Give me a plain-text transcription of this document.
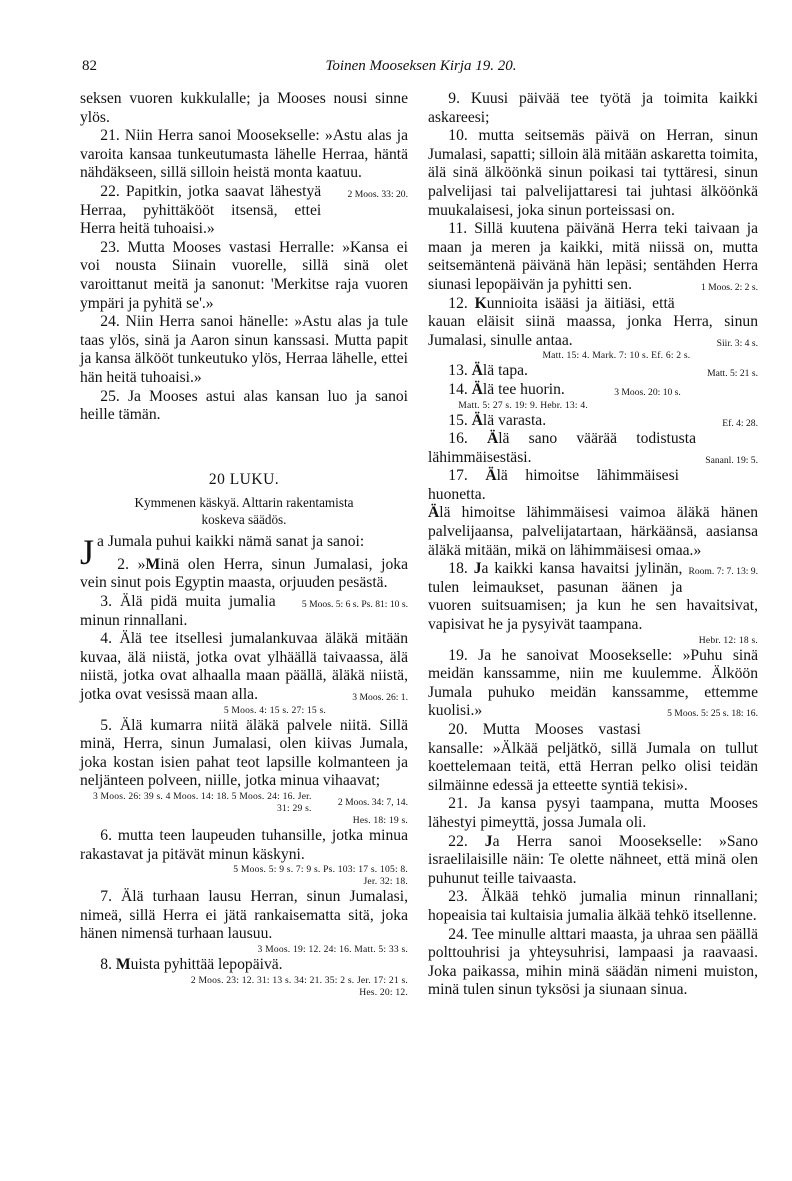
82	Toinen Mooseksen Kirja 19. 20.

seksen vuoren kukkulalle; ja Mooses nousi sinne ylös.

21. Niin Herra sanoi Moosekselle: »Astu alas ja varoita kansaa tunkeutumasta lähelle Herraa, häntä nähdäkseen, sillä silloin heistä monta kaatuu.
2 Moos. 33: 20.

22. Papitkin, jotka saavat lähestyä Herraa, pyhittäkööt itsensä, ettei Herra heitä tuhoaisi.»

23. Mutta Mooses vastasi Herralle: »Kansa ei voi nousta Siinain vuorelle, sillä sinä olet varoittanut meitä ja sanonut: 'Merkitse raja vuoren ympäri ja pyhitä se'.»

24. Niin Herra sanoi hänelle: »Astu alas ja tule taas ylös, sinä ja Aaron sinun kanssasi. Mutta papit ja kansa älkööt tunkeutuko ylös, Herraa lähelle, ettei hän heitä tuhoaisi.»

25. Ja Mooses astui alas kansan luo ja sanoi heille tämän.

20 LUKU.
Kymmenen käskyä. Alttarin rakentamista
koskeva säädös.

Ja Jumala puhui kaikki nämä sanat ja sanoi:

2. »Minä olen Herra, sinun Jumalasi, joka vein sinut pois Egyptin maasta, orjuuden pesästä.
5 Moos. 5: 6 s. Ps. 81: 10 s.

3. Älä pidä muita jumalia minun rinnallani.

4. Älä tee itsellesi jumalankuvaa äläkä mitään kuvaa, älä niistä, jotka ovat ylhäällä taivaassa, älä niistä, jotka ovat alhaalla maan päällä, äläkä niistä, jotka ovat vesissä maan alla.	3 Moos. 26: 1.

5 Moos. 4: 15 s. 27: 15 s.

5. Älä kumarra niitä äläkä palvele niitä. Sillä minä, Herra, sinun Jumalasi, olen kiivas Jumala, joka kostan isien pahat teot lapsille kolmanteen ja neljänteen polveen, niille, jotka minua vihaavat;
2 Moos. 34: 7, 14.

3 Moos. 26: 39 s. 4 Moos. 14: 18. 5 Moos. 24: 16. Jer. 31: 29 s.

Hes. 18: 19 s.

6. mutta teen laupeuden tuhansille, jotka minua rakastavat ja pitävät minun käskyni.

5 Moos. 5: 9 s. 7: 9 s. Ps. 103: 17 s. 105: 8.

Jer. 32: 18.

7. Älä turhaan lausu Herran, sinun Jumalasi, nimeä, sillä Herra ei jätä rankaisematta sitä, joka hänen nimensä turhaan lausuu.

3 Moos. 19: 12. 24: 16. Matt. 5: 33 s.

8. Muista pyhittää lepopäivä.

2 Moos. 23: 12. 31: 13 s. 34: 21. 35: 2 s. Jer. 17: 21 s.

Hes. 20: 12.

9. Kuusi päivää tee työtä ja toimita kaikki askareesi;

10. mutta seitsemäs päivä on Herran, sinun Jumalasi, sapatti; silloin älä mitään askaretta toimita, älä sinä älköönkä sinun poikasi tai tyttäresi, sinun palvelijasi tai palvelijattaresi tai juhtasi älköönkä muukalaisesi, joka sinun porteissasi on.

11. Sillä kuutena päivänä Herra teki taivaan ja maan ja meren ja kaikki, mitä niissä on, mutta seitsemäntenä päivänä hän lepäsi; sentähden Herra siunasi lepopäivän ja pyhitti sen.	1 Moos. 2: 2 s.

12. Kunnioita isääsi ja äitiäsi, että kauan eläisit siinä maassa, jonka Herra, sinun Jumalasi, sinulle antaa.	Siir. 3: 4 s.

Matt. 15: 4. Mark. 7: 10 s. Ef. 6: 2 s.

13. Älä tapa.	Matt. 5: 21 s.

14. Älä tee huorin.	3 Moos. 20: 10 s.

Matt. 5: 27 s. 19: 9. Hebr. 13: 4.

15. Älä varasta.	Ef. 4: 28.

16. Älä sano väärää todistusta lähimmäisestäsi.	Sananl. 19: 5.

17. Älä himoitse lähimmäisesi huonetta.

Älä himoitse lähimmäisesi vaimoa äläkä hänen palvelijaansa, palvelijatartaan, härkäänsä, aasiansa äläkä mitään, mikä on lähimmäisesi omaa.»
Room. 7: 7. 13: 9.

18. Ja kaikki kansa havaitsi jylinän, tulen leimaukset, pasunan äänen ja vuoren suitsuamisen; ja kun he sen havaitsivat, vapisivat he ja pysyivät taampana.

Hebr. 12: 18 s.

19. Ja he sanoivat Moosekselle: »Puhu sinä meidän kanssamme, niin me kuulemme. Älköön Jumala puhuko meidän kanssamme, ettemme kuolisi.»	5 Moos. 5: 25 s. 18: 16.

20. Mutta Mooses vastasi kansalle: »Älkää peljätkö, sillä Jumala on tullut koettelemaan teitä, että Herran pelko olisi teidän silmäinne edessä ja etteette syntiä tekisi».

21. Ja kansa pysyi taampana, mutta Mooses lähestyi pimeyttä, jossa Jumala oli.

22. Ja Herra sanoi Moosekselle: »Sano israelilaisille näin: Te olette nähneet, että minä olen puhunut teille taivaasta.

23. Älkää tehkö jumalia minun rinnallani; hopeaisia tai kultaisia jumalia älkää tehkö itsellenne.

24. Tee minulle alttari maasta, ja uhraa sen päällä polttouhrisi ja yhteysuhrisi, lampaasi ja raavaasi. Joka paikassa, mihin minä säädän nimeni muiston, minä tulen sinun tyksösi ja siunaan sinua.
